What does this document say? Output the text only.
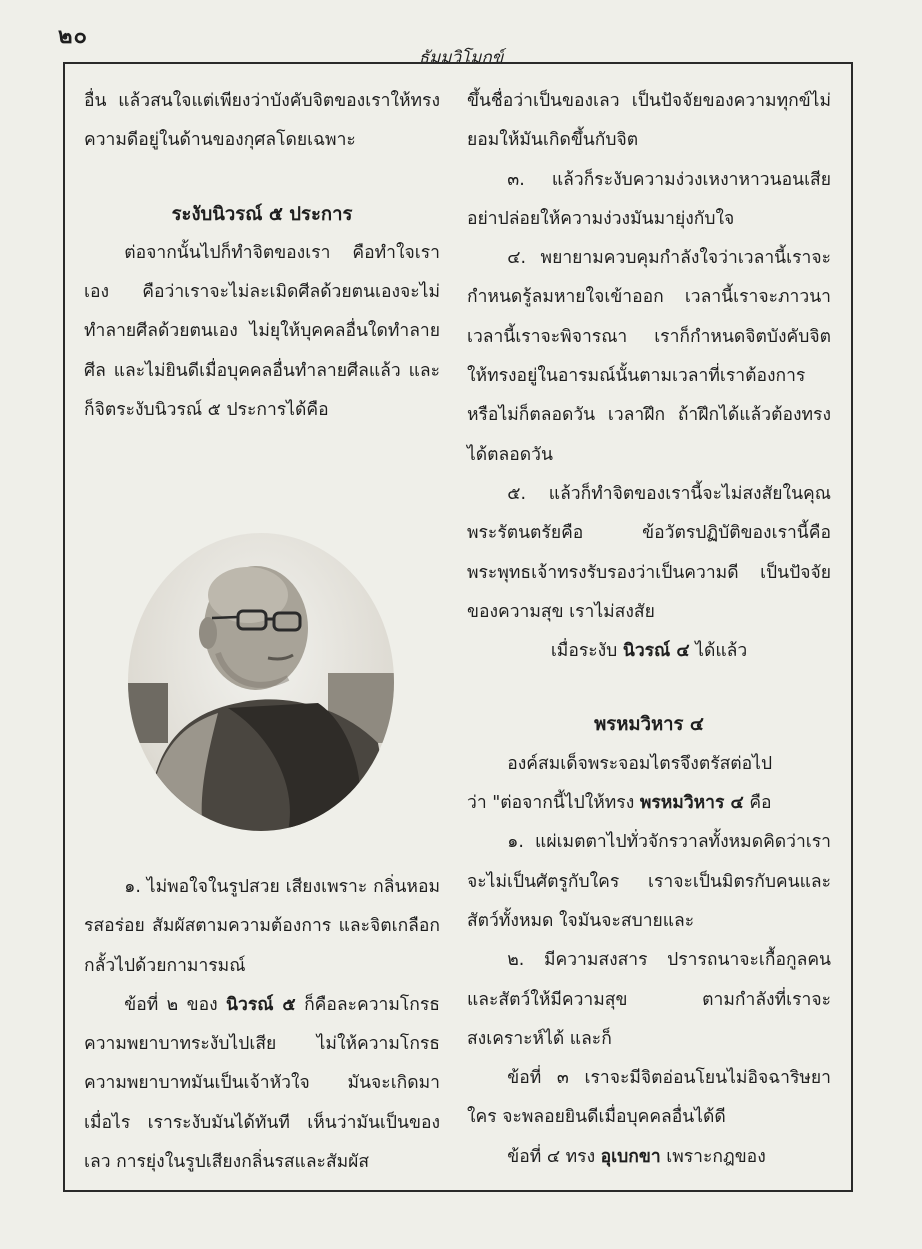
๒๐
ธัมมวิโมกข์

อื่น แล้วสนใจแต่เพียงว่าบังคับจิตของเราให้ทรงความดีอยู่ในด้านของกุศลโดยเฉพาะ

ระงับนิวรณ์ ๕ ประการ

ต่อจากนั้นไปก็ทำจิตของเรา คือทำใจเราเอง คือว่าเราจะไม่ละเมิดศีลด้วยตนเองจะไม่ทำลายศีลด้วยตนเอง ไม่ยุให้บุคคลอื่นใดทำลายศีล และไม่ยินดีเมื่อบุคคลอื่นทำลายศีลแล้ว และก็จิตระงับนิวรณ์ ๕ ประการได้คือ

๑. ไม่พอใจในรูปสวย เสียงเพราะ กลิ่นหอม รสอร่อย สัมผัสตามความต้องการ และจิตเกลือกกลั้วไปด้วยกามารมณ์

ข้อที่ ๒ ของ นิวรณ์ ๕ ก็คือละความโกรธ ความพยาบาทระงับไปเสีย ไม่ให้ความโกรธความพยาบาทมันเป็นเจ้าหัวใจ มันจะเกิดมาเมื่อไร เราระงับมันได้ทันที เห็นว่ามันเป็นของเลว การยุ่งในรูปเสียงกลิ่นรสและสัมผัส

ขึ้นชื่อว่าเป็นของเลว เป็นปัจจัยของความทุกข์ไม่ยอมให้มันเกิดขึ้นกับจิต

๓. แล้วก็ระงับความง่วงเหงาหาวนอนเสีย อย่าปล่อยให้ความง่วงมันมายุ่งกับใจ

๔. พยายามควบคุมกำลังใจว่าเวลานี้เราจะกำหนดรู้ลมหายใจเข้าออก เวลานี้เราจะภาวนา เวลานี้เราจะพิจารณา เราก็กำหนดจิตบังคับจิต ให้ทรงอยู่ในอารมณ์นั้นตามเวลาที่เราต้องการหรือไม่ก็ตลอดวัน เวลาฝึก ถ้าฝึกได้แล้วต้องทรงได้ตลอดวัน

๕. แล้วก็ทำจิตของเรานี้จะไม่สงสัยในคุณพระรัตนตรัยคือ ข้อวัตรปฏิบัติของเรานี้คือพระพุทธเจ้าทรงรับรองว่าเป็นความดี เป็นปัจจัยของความสุข เราไม่สงสัย

เมื่อระงับ นิวรณ์ ๔ ได้แล้ว

พรหมวิหาร ๔

องค์สมเด็จพระจอมไตรจึงตรัสต่อไป

ว่า "ต่อจากนี้ไปให้ทรง พรหมวิหาร ๔ คือ

๑. แผ่เมตตาไปทั่วจักรวาลทั้งหมดคิดว่าเราจะไม่เป็นศัตรูกับใคร เราจะเป็นมิตรกับคนและสัตว์ทั้งหมด ใจมันจะสบายและ

๒. มีความสงสาร ปรารถนาจะเกื้อกูลคนและสัตว์ให้มีความสุข ตามกำลังที่เราจะสงเคราะห์ได้ และก็

ข้อที่ ๓ เราจะมีจิตอ่อนโยนไม่อิจฉาริษยาใคร จะพลอยยินดีเมื่อบุคคลอื่นได้ดี

ข้อที่ ๔ ทรง อุเบกขา เพราะกฎของ
